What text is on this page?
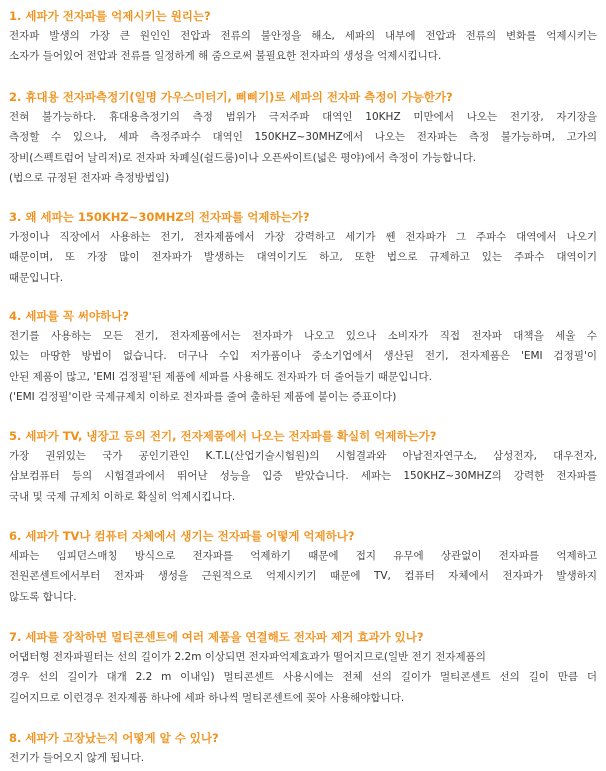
1. 세파가 전자파를 억제시키는 원리는?
전자파 발생의 가장 큰 원인인 전압과 전류의 불안정을 해소, 세파의 내부에 전압과 전류의 변화를 억제시키는
소자가 들어있어 전압과 전류를 일정하게 해 줌으로써 불필요한 전자파의 생성을 억제시킵니다.
2. 휴대용 전자파측정기(일명 가우스미터기, 삐삐기)로 세파의 전자파 측정이 가능한가?
전혀 불가능하다. 휴대용측정기의 측정 범위가 극저주파 대역인 10KHZ 미만에서 나오는 전기장, 자기장을
측정할 수 있으나, 세파 측정주파수 대역인 150KHZ~30MHZ에서 나오는 전자파는 측정 불가능하며, 고가의
장비(스펙트럼어 날리저)로 전자파 차폐실(쉴드룸)이나 오픈싸이트(넓은 평야)에서 측정이 가능합니다.
(법으로 규정된 전자파 측정방법임)
3. 왜 세파는 150KHZ~30MHZ의 전자파를 억제하는가?
가정이나 직장에서 사용하는 전기, 전자제품에서 가장 강력하고 세기가 쎈 전자파가 그 주파수 대역에서 나오기
때문이며, 또 가장 많이 전자파가 발생하는 대역이기도 하고, 또한 법으로 규제하고 있는 주파수 대역이기
때문입니다.
4. 세파를 꼭 써야하나?
전기를 사용하는 모든 전기, 전자제품에서는 전자파가 나오고 있으나 소비자가 직접 전자파 대책을 세울 수
있는 마땅한 방법이 없습니다. 더구나 수입 저가품이나 중소기업에서 생산된 전기, 전자제품은 'EMI 검정필'이
안된 제품이 많고, 'EMI 검정필'된 제품에 세파를 사용해도 전자파가 더 줄어들기 때문입니다.
('EMI 검정필'이란 국제규제치 이하로 전자파를 줄여 출하된 제품에 붙이는 증표이다)
5. 세파가 TV, 냉장고 등의 전기, 전자제품에서 나오는 전자파를 확실히 억제하는가?
가장 권위있는 국가 공인기관인 K.T.L(산업기술시험원)의 시험결과와 아남전자연구소, 삼성전자, 대우전자,
삼보컴퓨터 등의 시험결과에서 뛰어난 성능을 입증 받았습니다. 세파는 150KHZ~30MHZ의 강력한 전자파를
국내 및 국제 규제치 이하로 확실히 억제시킵니다.
6. 세파가 TV나 컴퓨터 자체에서 생기는 전자파를 어떻게 억제하나?
세파는 임피던스매칭 방식으로 전자파를 억제하기 때문에 접지 유무에 상관없이 전자파를 억제하고
전원콘센트에서부터 전자파 생성을 근원적으로 억제시키기 때문에 TV, 컴퓨터 자체에서 전자파가 발생하지
않도록 합니다.
7. 세파를 장착하면 멀티콘센트에 여러 제품을 연결해도 전자파 제거 효과가 있나?
어댑터형 전자파필터는 선의 길이가 2.2m 이상되면 전자파억제효과가 떨어지므로(일반 전기 전자제품의
경우 선의 길이가 대개 2.2 m 이내임) 멀티콘센트 사용시에는 전체 선의 길이가 멀티콘센트 선의 길이 만큼 더
길어지므로 이런경우 전자제품 하나에 세파 하나씩 멀티콘센트에 꽂아 사용해야합니다.
8. 세파가 고장났는지 어떻게 알 수 있나?
전기가 들어오지 않게 됩니다.
